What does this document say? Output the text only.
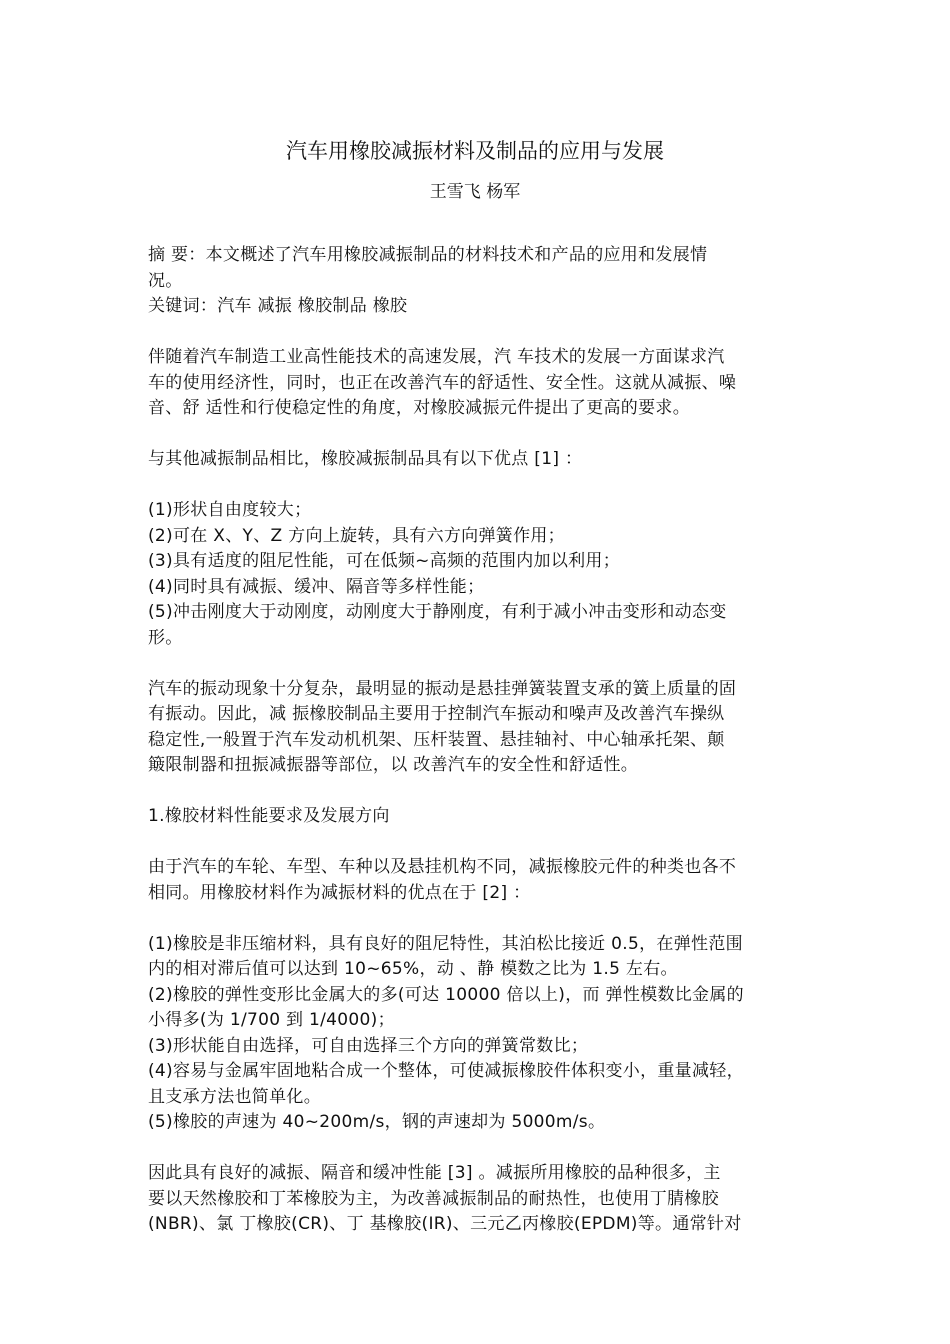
汽车用橡胶减振材料及制品的应用与发展
王雪飞 杨军
摘 要：本文概述了汽车用橡胶减振制品的材料技术和产品的应用和发展情
况。
关键词：汽车 减振 橡胶制品 橡胶
伴随着汽车制造工业高性能技术的高速发展，汽 车技术的发展一方面谋求汽
车的使用经济性，同时，也正在改善汽车的舒适性、安全性。这就从减振、噪
音、舒 适性和行使稳定性的角度，对橡胶减振元件提出了更高的要求。
与其他减振制品相比，橡胶减振制品具有以下优点 [1] ：
(1)形状自由度较大；
(2)可在 X、Y、Z 方向上旋转，具有六方向弹簧作用；
(3)具有适度的阻尼性能，可在低频~高频的范围内加以利用；
(4)同时具有减振、缓冲、隔音等多样性能；
(5)冲击刚度大于动刚度，动刚度大于静刚度，有利于减小冲击变形和动态变
形。
汽车的振动现象十分复杂，最明显的振动是悬挂弹簧装置支承的簧上质量的固
有振动。因此，减 振橡胶制品主要用于控制汽车振动和噪声及改善汽车操纵
稳定性,一般置于汽车发动机机架、压杆装置、悬挂轴衬、中心轴承托架、颠
簸限制器和扭振减振器等部位，以 改善汽车的安全性和舒适性。
1.橡胶材料性能要求及发展方向
由于汽车的车轮、车型、车种以及悬挂机构不同，减振橡胶元件的种类也各不
相同。用橡胶材料作为减振材料的优点在于 [2] ：
(1)橡胶是非压缩材料，具有良好的阻尼特性，其泊松比接近 0.5，在弹性范围
内的相对滞后值可以达到 10~65%，动 、静 模数之比为 1.5 左右。
(2)橡胶的弹性变形比金属大的多(可达 10000 倍以上)，而 弹性模数比金属的
小得多(为 1/700 到 1/4000)；
(3)形状能自由选择，可自由选择三个方向的弹簧常数比；
(4)容易与金属牢固地粘合成一个整体，可使减振橡胶件体积变小，重量减轻，
且支承方法也简单化。
(5)橡胶的声速为 40~200m/s，钢的声速却为 5000m/s。
因此具有良好的减振、隔音和缓冲性能 [3] 。减振所用橡胶的品种很多，主
要以天然橡胶和丁苯橡胶为主，为改善减振制品的耐热性，也使用丁腈橡胶
(NBR)、氯 丁橡胶(CR)、丁 基橡胶(IR)、三元乙丙橡胶(EPDM)等。通常针对
